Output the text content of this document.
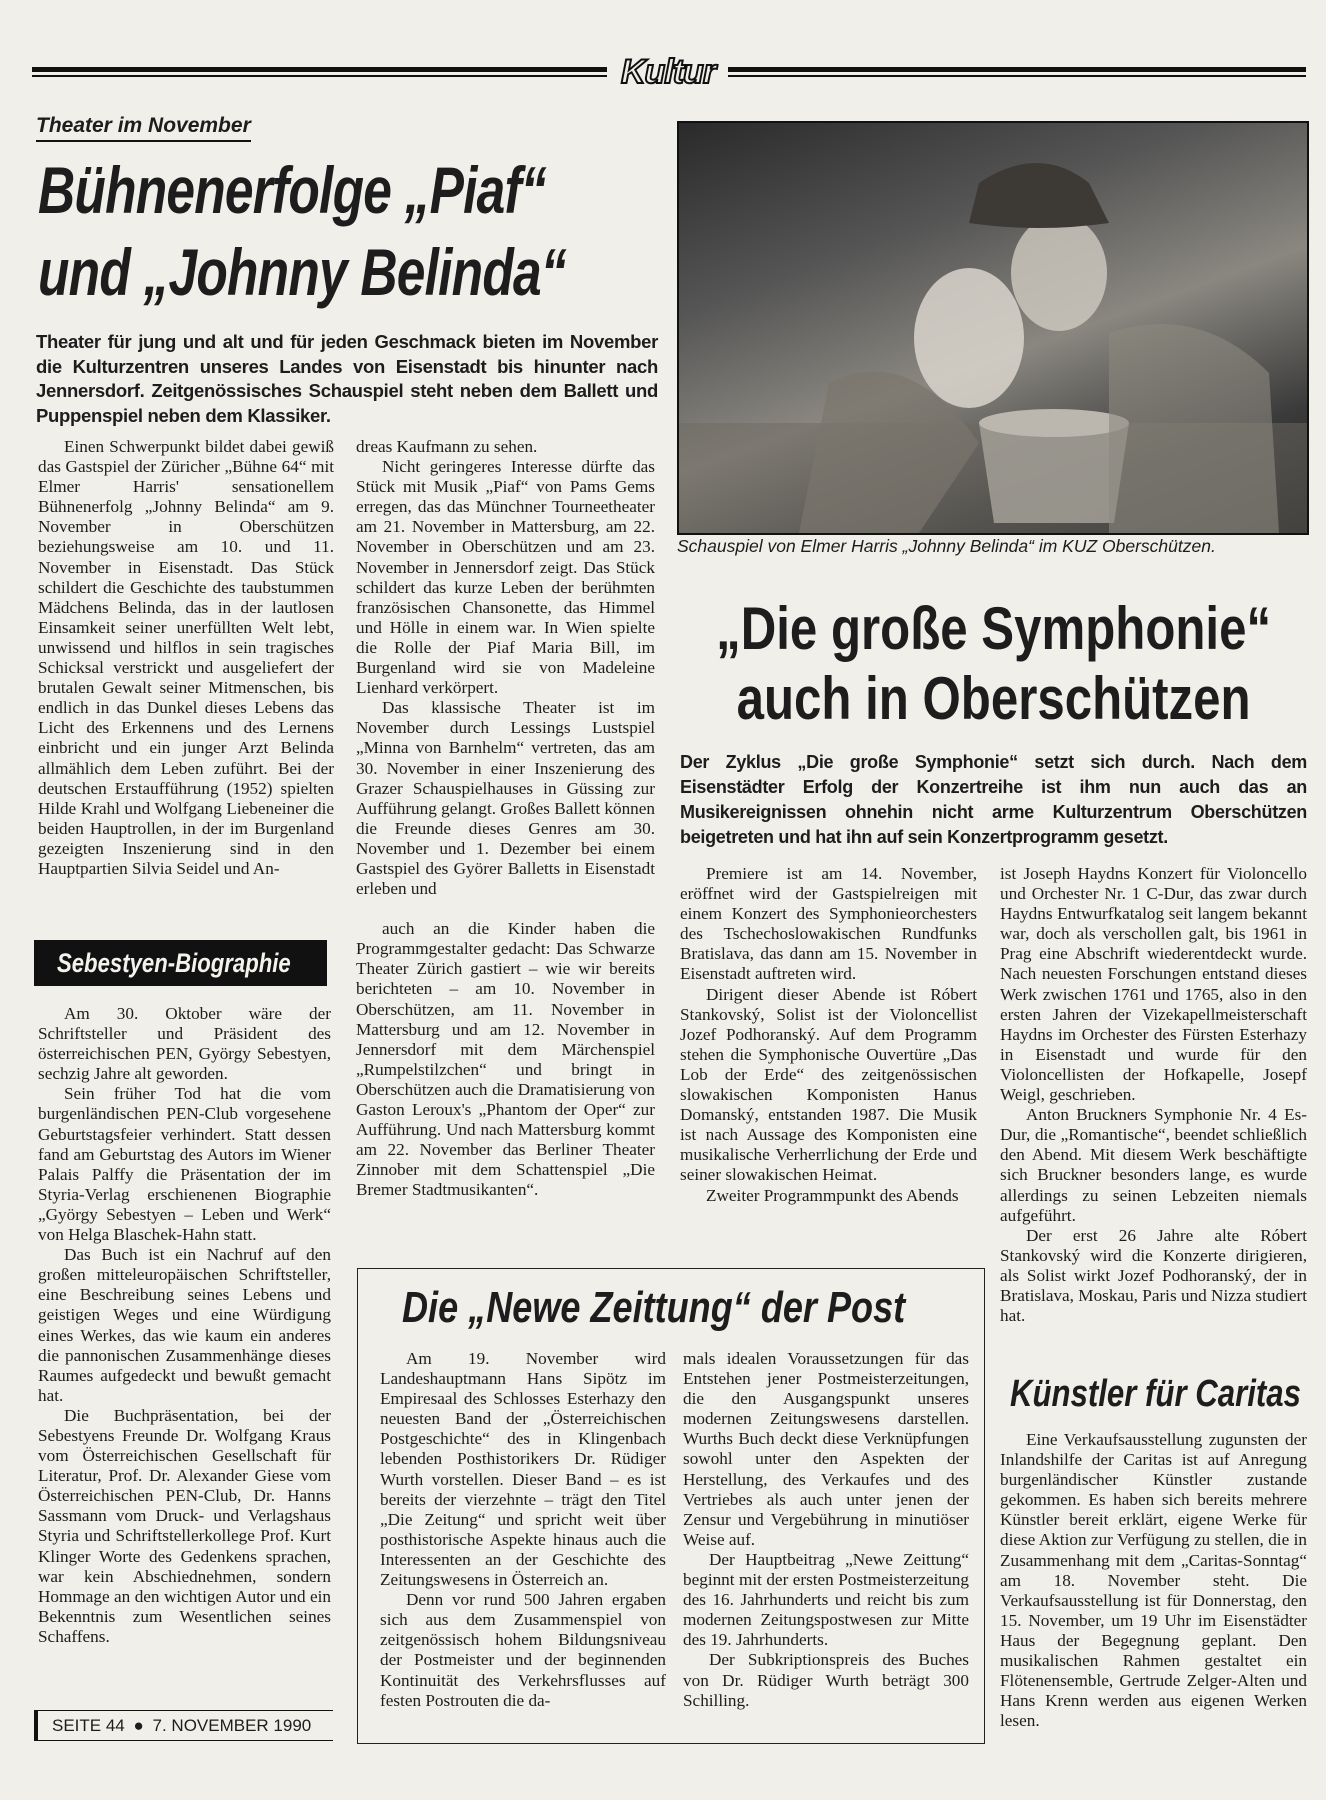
Kultur
Theater im November
Bühnenerfolge „Piaf“
und „Johnny Belinda“
Theater für jung und alt und für jeden Geschmack bieten im November die Kulturzentren unseres Landes von Eisenstadt bis hinunter nach Jennersdorf. Zeitgenössisches Schauspiel steht neben dem Ballett und Puppenspiel neben dem Klassiker.

Einen Schwerpunkt bildet dabei gewiß das Gastspiel der Züricher „Bühne 64“ mit Elmer Harris' sensationellem Bühnenerfolg „Johnny Belinda“ am 9. November in Oberschützen beziehungsweise am 10. und 11. November in Eisenstadt. Das Stück schildert die Geschichte des taubstummen Mädchens Belinda, das in der lautlosen Einsamkeit seiner unerfüllten Welt lebt, unwissend und hilflos in sein tragisches Schicksal verstrickt und ausgeliefert der brutalen Gewalt seiner Mitmenschen, bis endlich in das Dunkel dieses Lebens das Licht des Erkennens und des Lernens einbricht und ein junger Arzt Belinda allmählich dem Leben zuführt. Bei der deutschen Erstaufführung (1952) spielten Hilde Krahl und Wolfgang Liebeneiner die beiden Hauptrollen, in der im Burgenland gezeigten Inszenierung sind in den Hauptpartien Silvia Seidel und An-

dreas Kaufmann zu sehen.

Nicht geringeres Interesse dürfte das Stück mit Musik „Piaf“ von Pams Gems erregen, das das Münchner Tourneetheater am 21. November in Mattersburg, am 22. November in Oberschützen und am 23. November in Jennersdorf zeigt. Das Stück schildert das kurze Leben der berühmten französischen Chansonette, das Himmel und Hölle in einem war. In Wien spielte die Rolle der Piaf Maria Bill, im Burgenland wird sie von Madeleine Lienhard verkörpert.

Das klassische Theater ist im November durch Lessings Lustspiel „Minna von Barnhelm“ vertreten, das am 30. November in einer Inszenierung des Grazer Schauspielhauses in Güssing zur Aufführung gelangt. Großes Ballett können die Freunde dieses Genres am 30. November und 1. Dezember bei einem Gastspiel des Györer Balletts in Eisenstadt erleben und

auch an die Kinder haben die Programmgestalter gedacht: Das Schwarze Theater Zürich gastiert – wie wir bereits berichteten – am 10. November in Oberschützen, am 11. November in Mattersburg und am 12. November in Jennersdorf mit dem Märchenspiel „Rumpelstilzchen“ und bringt in Oberschützen auch die Dramatisierung von Gaston Leroux's „Phantom der Oper“ zur Aufführung. Und nach Mattersburg kommt am 22. November das Berliner Theater Zinnober mit dem Schattenspiel „Die Bremer Stadtmusikanten“.

Schauspiel von Elmer Harris „Johnny Belinda“ im KUZ Oberschützen.
„Die große Symphonie“
auch in Oberschützen
Der Zyklus „Die große Symphonie“ setzt sich durch. Nach dem Eisenstädter Erfolg der Konzertreihe ist ihm nun auch das an Musikereignissen ohnehin nicht arme Kulturzentrum Oberschützen beigetreten und hat ihn auf sein Konzertprogramm gesetzt.

Premiere ist am 14. November, eröffnet wird der Gastspielreigen mit einem Konzert des Symphonieorchesters des Tschechoslowakischen Rundfunks Bratislava, das dann am 15. November in Eisenstadt auftreten wird.

Dirigent dieser Abende ist Róbert Stankovský, Solist ist der Violoncellist Jozef Podhoranský. Auf dem Programm stehen die Symphonische Ouvertüre „Das Lob der Erde“ des zeitgenössischen slowakischen Komponisten Hanus Domanský, entstanden 1987. Die Musik ist nach Aussage des Komponisten eine musikalische Verherrlichung der Erde und seiner slowakischen Heimat.

Zweiter Programmpunkt des Abends

ist Joseph Haydns Konzert für Violoncello und Orchester Nr. 1 C-Dur, das zwar durch Haydns Entwurfkatalog seit langem bekannt war, doch als verschollen galt, bis 1961 in Prag eine Abschrift wiederentdeckt wurde. Nach neuesten Forschungen entstand dieses Werk zwischen 1761 und 1765, also in den ersten Jahren der Vizekapellmeisterschaft Haydns im Orchester des Fürsten Esterhazy in Eisenstadt und wurde für den Violoncellisten der Hofkapelle, Josepf Weigl, geschrieben.

Anton Bruckners Symphonie Nr. 4 Es-Dur, die „Romantische“, beendet schließlich den Abend. Mit diesem Werk beschäftigte sich Bruckner besonders lange, es wurde allerdings zu seinen Lebzeiten niemals aufgeführt.

Der erst 26 Jahre alte Róbert Stankovský wird die Konzerte dirigieren, als Solist wirkt Jozef Podhoranský, der in Bratislava, Moskau, Paris und Nizza studiert hat.

Sebestyen-Biographie

Am 30. Oktober wäre der Schriftsteller und Präsident des österreichischen PEN, György Sebestyen, sechzig Jahre alt geworden.

Sein früher Tod hat die vom burgenländischen PEN-Club vorgesehene Geburtstagsfeier verhindert. Statt dessen fand am Geburtstag des Autors im Wiener Palais Palffy die Präsentation der im Styria-Verlag erschienenen Biographie „György Sebestyen – Leben und Werk“ von Helga Blaschek-Hahn statt.

Das Buch ist ein Nachruf auf den großen mitteleuropäischen Schriftsteller, eine Beschreibung seines Lebens und geistigen Weges und eine Würdigung eines Werkes, das wie kaum ein anderes die pannonischen Zusammenhänge dieses Raumes aufgedeckt und bewußt gemacht hat.

Die Buchpräsentation, bei der Sebestyens Freunde Dr. Wolfgang Kraus vom Österreichischen Gesellschaft für Literatur, Prof. Dr. Alexander Giese vom Österreichischen PEN-Club, Dr. Hanns Sassmann vom Druck- und Verlagshaus Styria und Schriftstellerkollege Prof. Kurt Klinger Worte des Gedenkens sprachen, war kein Abschiednehmen, sondern Hommage an den wichtigen Autor und ein Bekenntnis zum Wesentlichen seines Schaffens.

Die „Newe Zeittung“ der Post

Am 19. November wird Landeshauptmann Hans Sipötz im Empiresaal des Schlosses Esterhazy den neuesten Band der „Österreichischen Postgeschichte“ des in Klingenbach lebenden Posthistorikers Dr. Rüdiger Wurth vorstellen. Dieser Band – es ist bereits der vierzehnte – trägt den Titel „Die Zeitung“ und spricht weit über posthistorische Aspekte hinaus auch die Interessenten an der Geschichte des Zeitungswesens in Österreich an.

Denn vor rund 500 Jahren ergaben sich aus dem Zusammenspiel von zeitgenössisch hohem Bildungsniveau der Postmeister und der beginnenden Kontinuität des Verkehrsflusses auf festen Postrouten die da-

mals idealen Voraussetzungen für das Entstehen jener Postmeisterzeitungen, die den Ausgangspunkt unseres modernen Zeitungswesens darstellen. Wurths Buch deckt diese Verknüpfungen sowohl unter den Aspekten der Herstellung, des Verkaufes und des Vertriebes als auch unter jenen der Zensur und Vergebührung in minutiöser Weise auf.

Der Hauptbeitrag „Newe Zeittung“ beginnt mit der ersten Postmeisterzeitung des 16. Jahrhunderts und reicht bis zum modernen Zeitungspostwesen zur Mitte des 19. Jahrhunderts.

Der Subkriptionspreis des Buches von Dr. Rüdiger Wurth beträgt 300 Schilling.

Künstler für Caritas

Eine Verkaufsausstellung zugunsten der Inlandshilfe der Caritas ist auf Anregung burgenländischer Künstler zustande gekommen. Es haben sich bereits mehrere Künstler bereit erklärt, eigene Werke für diese Aktion zur Verfügung zu stellen, die in Zusammenhang mit dem „Caritas-Sonntag“ am 18. November steht. Die Verkaufsausstellung ist für Donnerstag, den 15. November, um 19 Uhr im Eisenstädter Haus der Begegnung geplant. Den musikalischen Rahmen gestaltet ein Flötenensemble, Gertrude Zelger-Alten und Hans Krenn werden aus eigenen Werken lesen.

SEITE 44 ● 7. NOVEMBER 1990
